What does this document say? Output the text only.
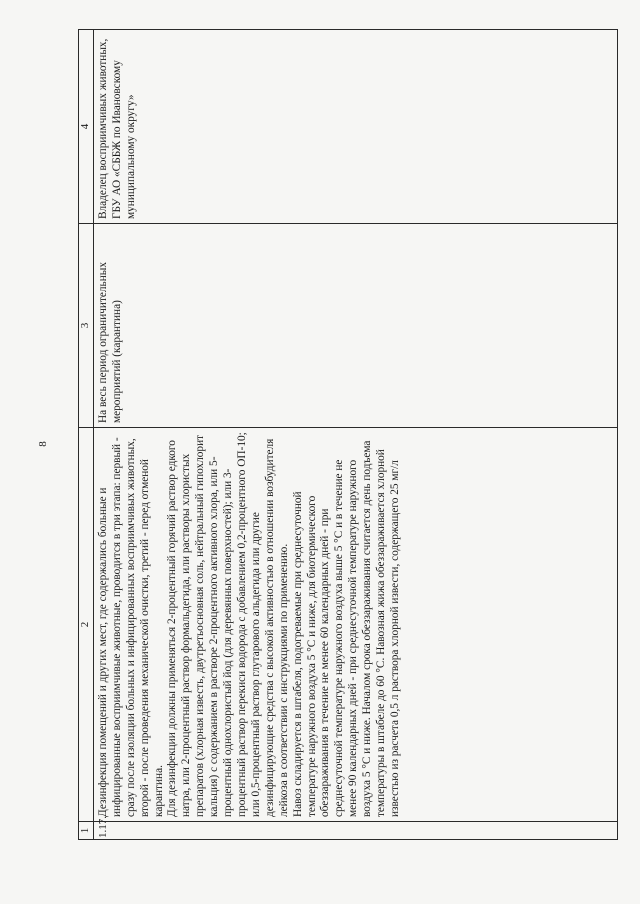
8
1	2	3	4
1.17.	Дезинфекция помещений и других мест, где содержались больные и инфицированные восприимчивые животные, проводится в три этапа: первый - сразу после изоляции больных и инфицированных восприимчивых животных, второй - после проведения механической очистки, третий - перед отменой карантина. Для дезинфекции должны применяться 2-процентный горячий раствор едкого натра, или 2-процентный раствор формальдегида, или растворы хлористых препаратов (хлорная известь, двутретьосновная соль, нейтральный гипохлорит кальция) с содержанием в растворе 2-процентного активного хлора, или 5-процентный однохлористый йод (для деревянных поверхностей); или 3-процентный раствор перекиси водорода с добавлением 0,2-процентного ОП-10; или 0,5-процентный раствор глутарового альдегида или другие дезинфицирующие средства с высокой активностью в отношении возбудителя лейкоза в соответствии с инструкциями по применению. Навоз складируется в штабеля, подогреваемые при среднесуточной температуре наружного воздуха 5 °С и ниже, для биотермического обеззараживания в течение не менее 60 календарных дней - при среднесуточной температуре наружного воздуха выше 5 °С и в течение не менее 90 календарных дней - при среднесуточной температуре наружного воздуха 5 °С и ниже. Началом срока обеззараживания считается день подъема температуры в штабеле до 60 °С. Навозная жижа обеззараживается хлорной известью из расчета 0,5 л раствора хлорной извести, содержащего 25 мг/л	На весь период ограничительных мероприятий (карантина)	Владелец восприимчивых животных, ГБУ АО «СББЖ по Ивановскому муниципальному округу»
